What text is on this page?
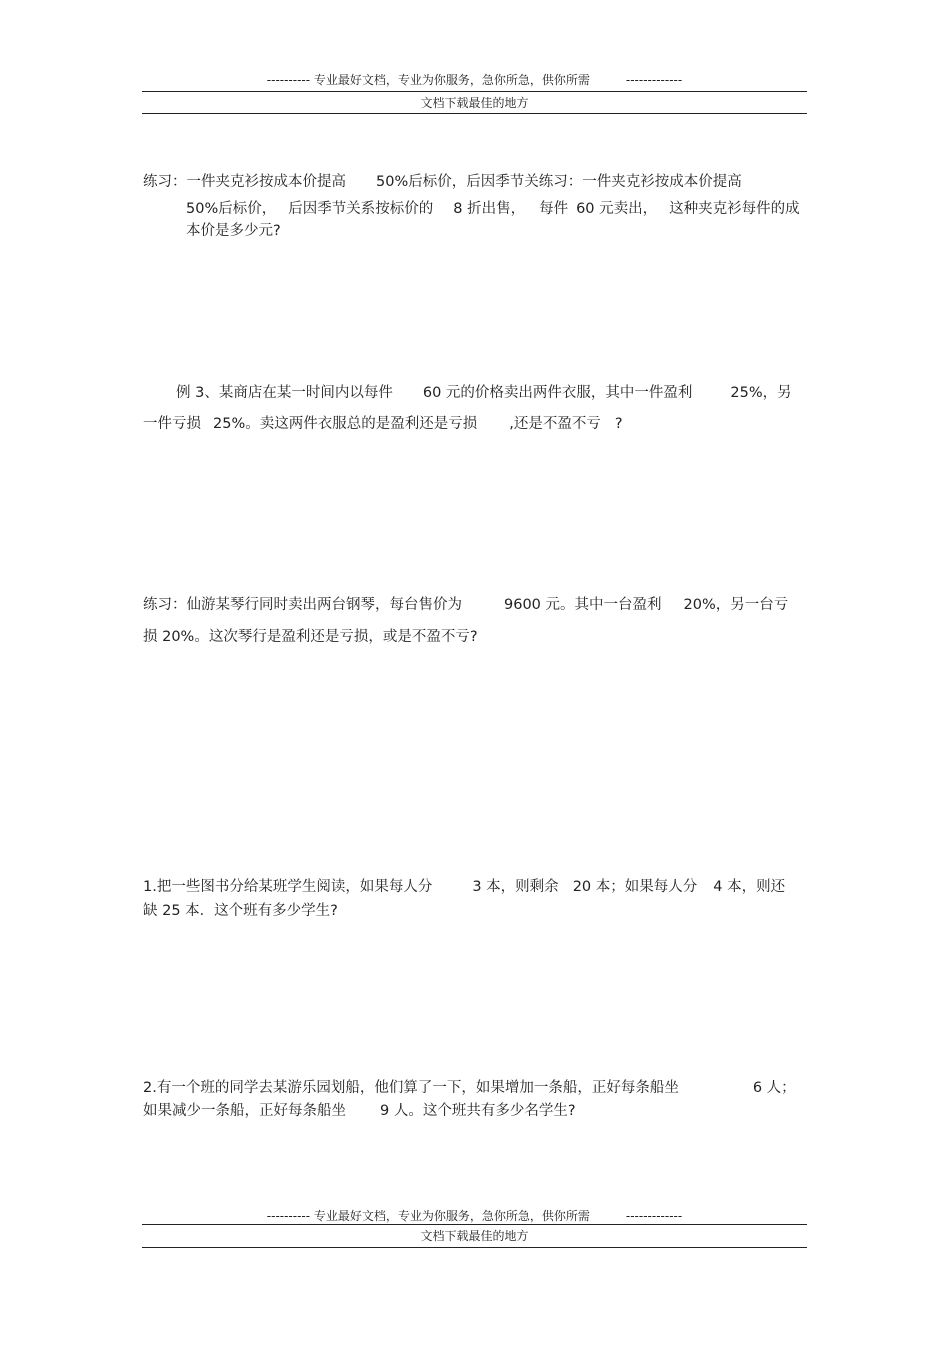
---------- 专业最好文档，专业为你服务，急你所急，供你所需　　　-------------
文档下载最佳的地方
练习：一件夹克衫按成本价提高 50%后标价，后因季节关练习：一件夹克衫按成本价提高
50%后标价， 后因季节关系按标价的 8 折出售， 每件 60 元卖出， 这种夹克衫每件的成
本价是多少元?
例 3、某商店在某一时间内以每件 60 元的价格卖出两件衣服，其中一件盈利	25%，另
一件亏损 25%。卖这两件衣服总的是盈利还是亏损 ,还是不盈不亏 ?
练习：仙游某琴行同时卖出两台钢琴，每台售价为	9600 元。其中一台盈利 20%，另一台亏
损 20%。这次琴行是盈利还是亏损，或是不盈不亏?
1.把一些图书分给某班学生阅读，如果每人分	3 本，则剩余 20 本；如果每人分 4 本，则还
缺 25 本．这个班有多少学生?
2.有一个班的同学去某游乐园划船，他们算了一下，如果增加一条船，正好每条船坐	6 人；
如果减少一条船，正好每条船坐 9 人。这个班共有多少名学生?
---------- 专业最好文档，专业为你服务，急你所急，供你所需　　　-------------
文档下载最佳的地方
